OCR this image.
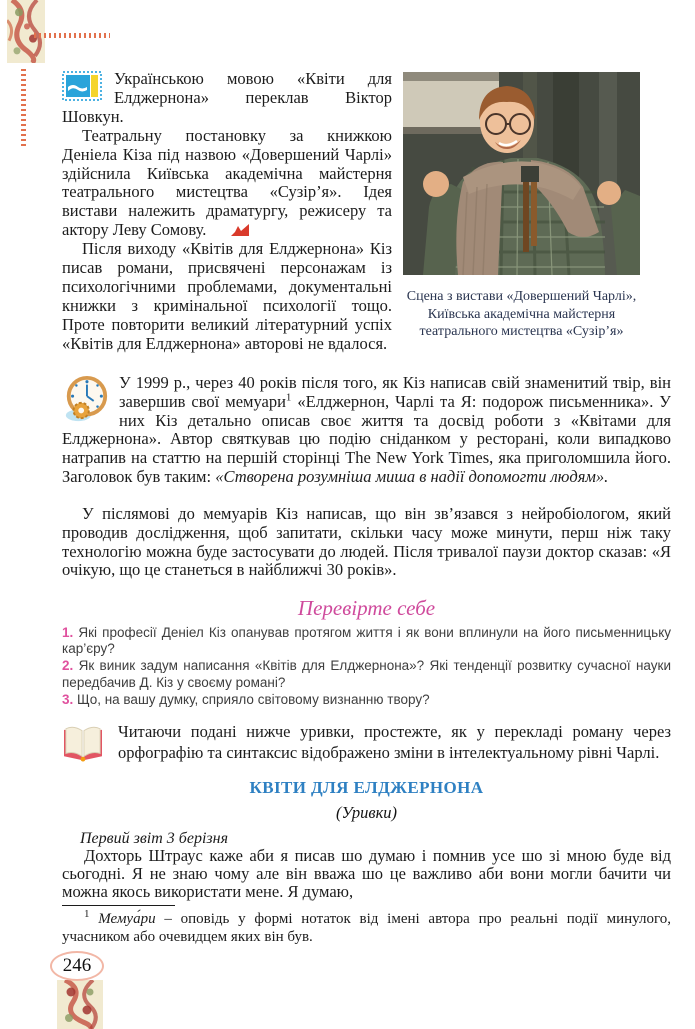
Українською мовою «Квіти для Елджернона» переклав Віктор Шовкун.

Театральну постановку за книжкою Деніела Кіза під назвою «Довершений Чарлі» здійснила Київська академічна майстерня театрального мистецтва «Сузір’я». Ідея вистави належить драматургу, режисеру та актору Леву Сомову.

Після виходу «Квітів для Елджернона» Кіз писав романи, присвячені персонажам із психологічними проблемами, документальні книжки з кримінальної психології тощо. Проте повторити великий літературний успіх «Квітів для Елджернона» авторові не вдалося.

Сцена з вистави «Довершений Чарлі», Київська академічна майстерня театрального мистецтва «Сузір’я»

У 1999 р., через 40 років після того, як Кіз написав свій знаменитий твір, він завершив свої мемуари$^1$ «Елджернон, Чарлі та Я: подорож письменника». У них Кіз детально описав своє життя та досвід роботи з «Квітами для Елджернона». Автор святкував цю подію сніданком у ресторані, коли випадково натрапив на статтю на першій сторінці The New York Times, яка приголомшила його. Заголовок був таким: «Створена розумніша миша в надії допомогти людям».

У післямові до мемуарів Кіз написав, що він зв’язався з нейробіологом, який проводив дослідження, щоб запитати, скільки часу може минути, перш ніж таку технологію можна буде застосувати до людей. Після тривалої паузи доктор сказав: «Я очікую, що це станеться в найближчі 30 років».

Перевірте себе

1. Які професії Деніел Кіз опанував протягом життя і як вони вплинули на його письменницьку кар’єру?

2. Як виник задум написання «Квітів для Елджернона»? Які тенденції розвитку сучасної науки передбачив Д. Кіз у своєму романі?

3. Що, на вашу думку, сприяло світовому визнанню твору?

Читаючи подані нижче уривки, простежте, як у перекладі роману через орфографію та синтаксис відображено зміни в інтелектуальному рівні Чарлі.

КВІТИ ДЛЯ ЕЛДЖЕРНОНА
(Уривки)

Первий звіт 3 берізня

Дохторь Штраус каже аби я писав шо думаю і помнив усе шо зі мною буде від сьогодні. Я не знаю чому але він вважа шо це важливо аби вони могли бачити чи можна якось використати мене. Я думаю,

$^1$ Мемуа́ри – оповідь у формі нотаток від імені автора про реальні події минулого, учасником або очевидцем яких він був.

246
